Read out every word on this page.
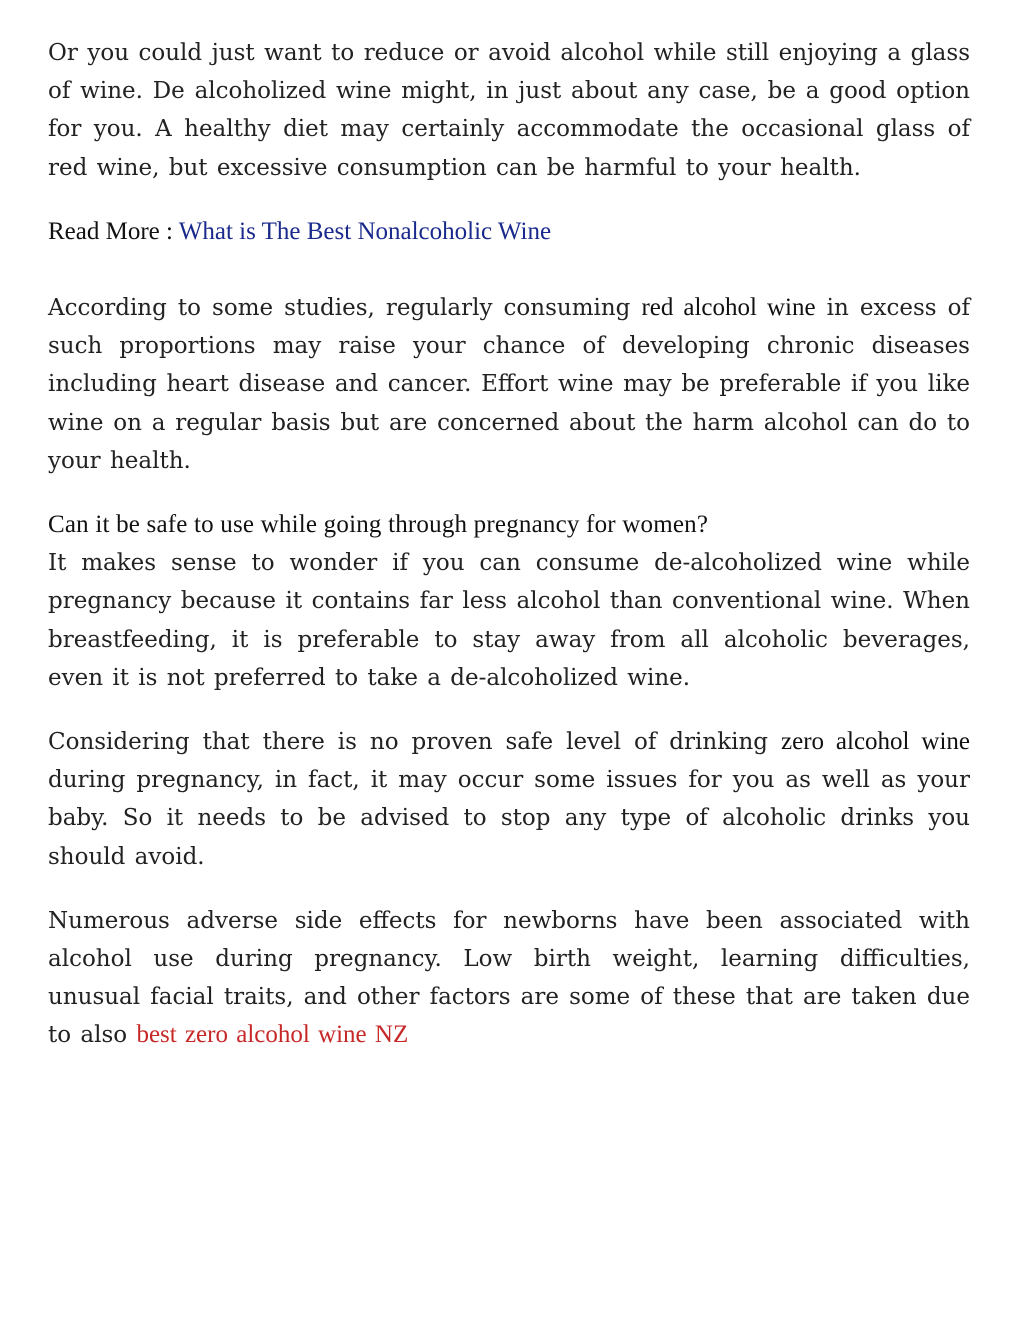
Or you could just want to reduce or avoid alcohol while still enjoying a glass of wine. De alcoholized wine might, in just about any case, be a good option for you. A healthy diet may certainly accommodate the occasional glass of red wine, but excessive consumption can be harmful to your health.

Read More : What is The Best Nonalcoholic Wine

According to some studies, regularly consuming red alcohol wine in excess of such proportions may raise your chance of developing chronic diseases including heart disease and cancer. Effort wine may be preferable if you like wine on a regular basis but are concerned about the harm alcohol can do to your health.

Can it be safe to use while going through pregnancy for women?

It makes sense to wonder if you can consume de-alcoholized wine while pregnancy because it contains far less alcohol than conventional wine. When breastfeeding, it is preferable to stay away from all alcoholic beverages, even it is not preferred to take a de-alcoholized wine.

Considering that there is no proven safe level of drinking zero alcohol wine during pregnancy, in fact, it may occur some issues for you as well as your baby. So it needs to be advised to stop any type of alcoholic drinks you should avoid.

Numerous adverse side effects for newborns have been associated with alcohol use during pregnancy. Low birth weight, learning difficulties, unusual facial traits, and other factors are some of these that are taken due to also best zero alcohol wine NZ
